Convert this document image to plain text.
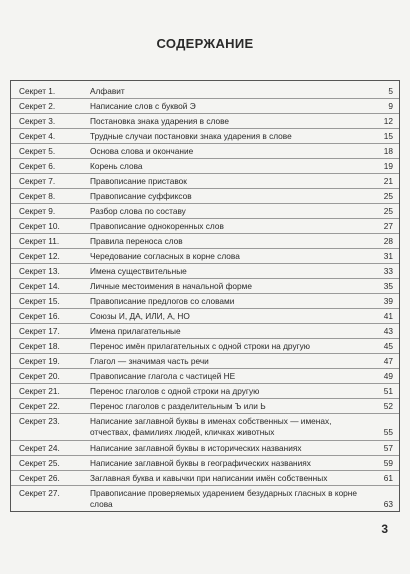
СОДЕРЖАНИЕ
Секрет 1.	Алфавит	5
Секрет 2.	Написание слов с буквой Э	9
Секрет 3.	Постановка знака ударения в слове	12
Секрет 4.	Трудные случаи постановки знака ударения в слове	15
Секрет 5.	Основа слова и окончание	18
Секрет 6.	Корень слова	19
Секрет 7.	Правописание приставок	21
Секрет 8.	Правописание суффиксов	25
Секрет 9.	Разбор слова по составу	25
Секрет 10.	Правописание однокоренных слов	27
Секрет 11.	Правила переноса слов	28
Секрет 12.	Чередование согласных в корне слова	31
Секрет 13.	Имена существительные	33
Секрет 14.	Личные местоимения в начальной форме	35
Секрет 15.	Правописание предлогов со словами	39
Секрет 16.	Союзы И, ДА, ИЛИ, А, НО	41
Секрет 17.	Имена прилагательные	43
Секрет 18.	Перенос имён прилагательных с одной строки на другую	45
Секрет 19.	Глагол — значимая часть речи	47
Секрет 20.	Правописание глагола с частицей НЕ	49
Секрет 21.	Перенос глаголов с одной строки на другую	51
Секрет 22.	Перенос глаголов с разделительным Ъ или Ь	52
Секрет 23.	Написание заглавной буквы в именах собственных — именах, отчествах, фамилиях людей, кличках животных	55
Секрет 24.	Написание заглавной буквы в исторических названиях	57
Секрет 25.	Написание заглавной буквы в географических названиях	59
Секрет 26.	Заглавная буква и кавычки при написании имён собственных	61
Секрет 27.	Правописание проверяемых ударением безударных гласных в корне слова	63
3
